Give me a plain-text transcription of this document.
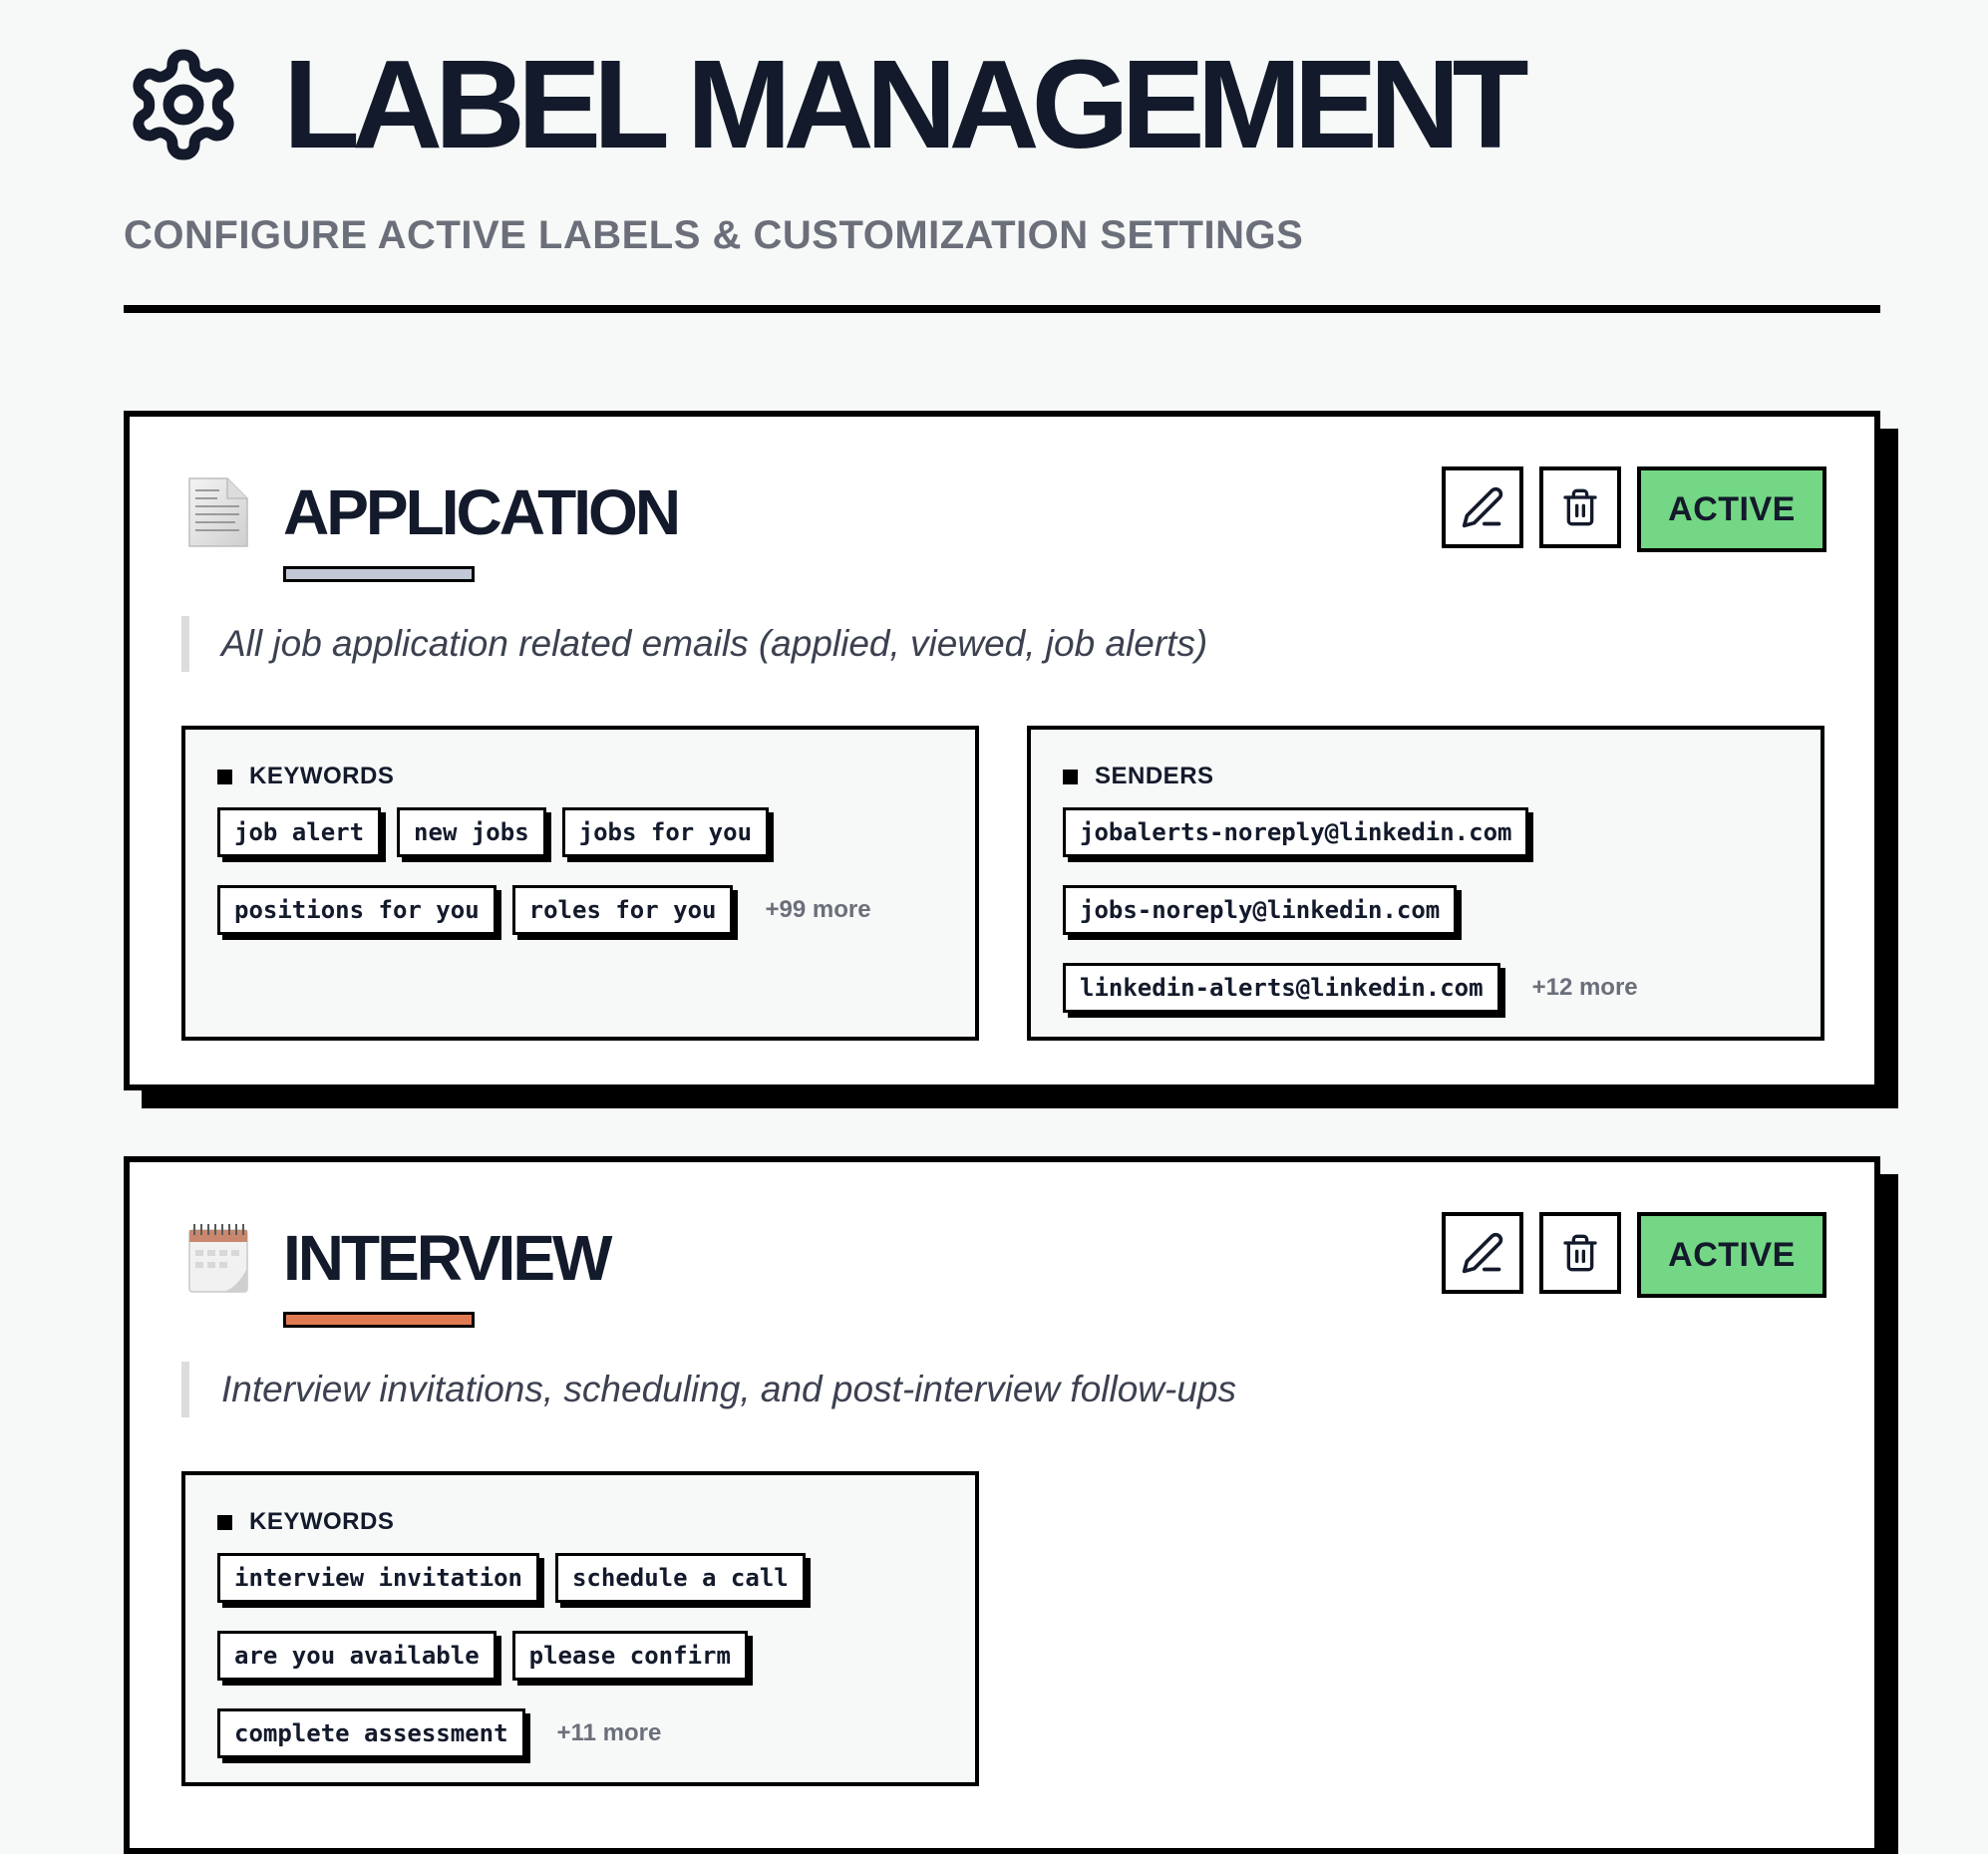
LABEL MANAGEMENT
CONFIGURE ACTIVE LABELS & CUSTOMIZATION SETTINGS
APPLICATION	ACTIVE
All job application related emails (applied, viewed, job alerts)
KEYWORDS
job alert	new jobs	jobs for you
positions for you	roles for you	+99 more
SENDERS
jobalerts-noreply@linkedin.com
jobs-noreply@linkedin.com
linkedin-alerts@linkedin.com	+12 more
INTERVIEW	ACTIVE
Interview invitations, scheduling, and post-interview follow-ups
KEYWORDS
interview invitation	schedule a call
are you available	please confirm
complete assessment	+11 more
